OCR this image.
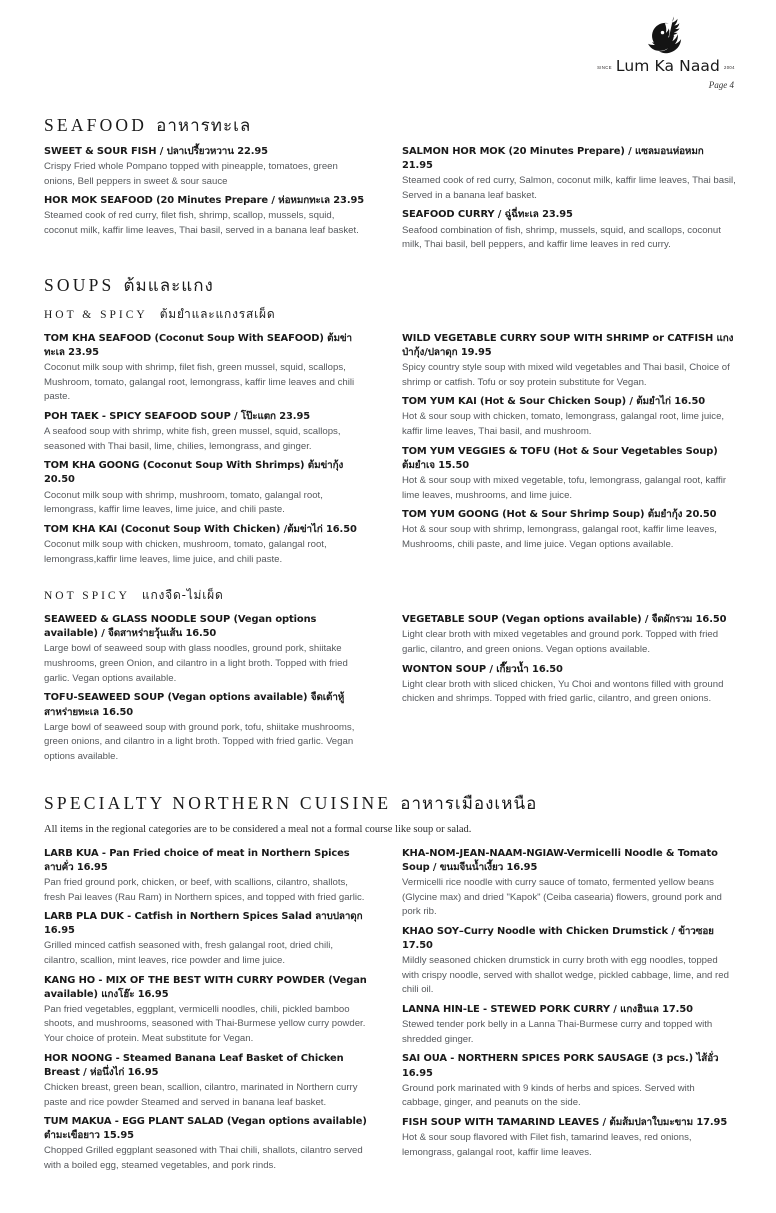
SINCE Lum Ka Naad 2004
Page 4
SEAFOOD อาหารทะเล
SWEET & SOUR FISH / ปลาเปรี้ยวหวาน 22.95
Crispy Fried whole Pompano topped with pineapple, tomatoes, green onions, Bell peppers in sweet & sour sauce
HOR MOK SEAFOOD (20 Minutes Prepare / ห่อหมกทะเล 23.95
Steamed cook of red curry, filet fish, shrimp, scallop, mussels, squid, coconut milk, kaffir lime leaves, Thai basil, served in a banana leaf basket.
SALMON HOR MOK (20 Minutes Prepare) / แซลมอนห่อหมก 21.95
Steamed cook of red curry, Salmon, coconut milk, kaffir lime leaves, Thai basil, Served in a banana leaf basket.
SEAFOOD CURRY / ฉู่ฉี่ทะเล 23.95
Seafood combination of fish, shrimp, mussels, squid, and scallops, coconut milk, Thai basil, bell peppers, and kaffir lime leaves in red curry.
SOUPS ต้มและแกง
HOT & SPICY ต้มยำและแกงรสเผ็ด
TOM KHA SEAFOOD (Coconut Soup With SEAFOOD) ต้มข่าทะเล 23.95
Coconut milk soup with shrimp, filet fish, green mussel, squid, scallops, Mushroom, tomato, galangal root, lemongrass, kaffir lime leaves and chili paste.
POH TAEK - SPICY SEAFOOD SOUP / โป๊ะแตก 23.95
A seafood soup with shrimp, white fish, green mussel, squid, scallops, seasoned with Thai basil, lime, chilies, lemongrass, and ginger.
TOM KHA GOONG (Coconut Soup With Shrimps) ต้มข่ากุ้ง 20.50
Coconut milk soup with shrimp, mushroom, tomato, galangal root, lemongrass, kaffir lime leaves, lime juice, and chili paste.
TOM KHA KAI (Coconut Soup With Chicken) /ต้มข่าไก่ 16.50
Coconut milk soup with chicken, mushroom, tomato, galangal root, lemongrass,kaffir lime leaves, lime juice, and chili paste.
WILD VEGETABLE CURRY SOUP WITH SHRIMP or CATFISH แกงป่ากุ้ง/ปลาดุก 19.95
Spicy country style soup with mixed wild vegetables and Thai basil, Choice of shrimp or catfish. Tofu or soy protein substitute for Vegan.
TOM YUM KAI (Hot & Sour Chicken Soup) / ต้มยำไก่ 16.50
Hot & sour soup with chicken, tomato, lemongrass, galangal root, lime juice, kaffir lime leaves, Thai basil, and mushroom.
TOM YUM VEGGIES & TOFU (Hot & Sour Vegetables Soup) ต้มยำเจ 15.50
Hot & sour soup with mixed vegetable, tofu, lemongrass, galangal root, kaffir lime leaves, mushrooms, and lime juice.
TOM YUM GOONG (Hot & Sour Shrimp Soup) ต้มยำกุ้ง 20.50
Hot & sour soup with shrimp, lemongrass, galangal root, kaffir lime leaves, Mushrooms, chili paste, and lime juice. Vegan options available.
NOT SPICY แกงจืด-ไม่เผ็ด
SEAWEED & GLASS NOODLE SOUP (Vegan options available) / จืดสาหร่ายวุ้นเส้น 16.50
Large bowl of seaweed soup with glass noodles, ground pork, shiitake mushrooms, green Onion, and cilantro in a light broth. Topped with fried garlic. Vegan options available.
TOFU-SEAWEED SOUP (Vegan options available) จืดเต้าหู้สาหร่ายทะเล 16.50
Large bowl of seaweed soup with ground pork, tofu, shiitake mushrooms, green onions, and cilantro in a light broth. Topped with fried garlic. Vegan options available.
VEGETABLE SOUP (Vegan options available) / จืดผักรวม 16.50
Light clear broth with mixed vegetables and ground pork. Topped with fried garlic, cilantro, and green onions. Vegan options available.
WONTON SOUP / เกี๊ยวน้ำ 16.50
Light clear broth with sliced chicken, Yu Choi and wontons filled with ground chicken and shrimps. Topped with fried garlic, cilantro, and green onions.
SPECIALTY NORTHERN CUISINE อาหารเมืองเหนือ
All items in the regional categories are to be considered a meal not a formal course like soup or salad.
LARB KUA - Pan Fried choice of meat in Northern Spices ลาบคั่ว 16.95
Pan fried ground pork, chicken, or beef, with scallions, cilantro, shallots, fresh Pai leaves (Rau Ram) in Northern spices, and topped with fried garlic.
LARB PLA DUK - Catfish in Northern Spices Salad ลาบปลาดุก 16.95
Grilled minced catfish seasoned with, fresh galangal root, dried chili, cilantro, scallion, mint leaves, rice powder and lime juice.
KANG HO - MIX OF THE BEST WITH CURRY POWDER (Vegan available) แกงโฮ๊ะ 16.95
Pan fried vegetables, eggplant, vermicelli noodles, chili, pickled bamboo shoots, and mushrooms, seasoned with Thai-Burmese yellow curry powder. Your choice of protein. Meat substitute for Vegan.
HOR NOONG - Steamed Banana Leaf Basket of Chicken Breast / ห่อนึ่งไก่ 16.95
Chicken breast, green bean, scallion, cilantro, marinated in Northern curry paste and rice powder Steamed and served in banana leaf basket.
TUM MAKUA - EGG PLANT SALAD (Vegan options available) ตำมะเขือยาว 15.95
Chopped Grilled eggplant seasoned with Thai chili, shallots, cilantro served with a boiled egg, steamed vegetables, and pork rinds.
KHA-NOM-JEAN-NAAM-NGIAW-Vermicelli Noodle & Tomato Soup / ขนมจีนน้ำเงี้ยว 16.95
Vermicelli rice noodle with curry sauce of tomato, fermented yellow beans (Glycine max) and dried "Kapok" (Ceiba casearia) flowers, ground pork and pork rib.
KHAO SOY–Curry Noodle with Chicken Drumstick / ข้าวซอย 17.50
Mildly seasoned chicken drumstick in curry broth with egg noodles, topped with crispy noodle, served with shallot wedge, pickled cabbage, lime, and red chili oil.
LANNA HIN-LE - STEWED PORK CURRY / แกงฮินเล 17.50
Stewed tender pork belly in a Lanna Thai-Burmese curry and topped with shredded ginger.
SAI OUA - NORTHERN SPICES PORK SAUSAGE (3 pcs.) ไส้อั่ว 16.95
Ground pork marinated with 9 kinds of herbs and spices. Served with cabbage, ginger, and peanuts on the side.
FISH SOUP WITH TAMARIND LEAVES / ต้มส้มปลาใบมะขาม 17.95
Hot & sour soup flavored with Filet fish, tamarind leaves, red onions, lemongrass, galangal root, kaffir lime leaves.
